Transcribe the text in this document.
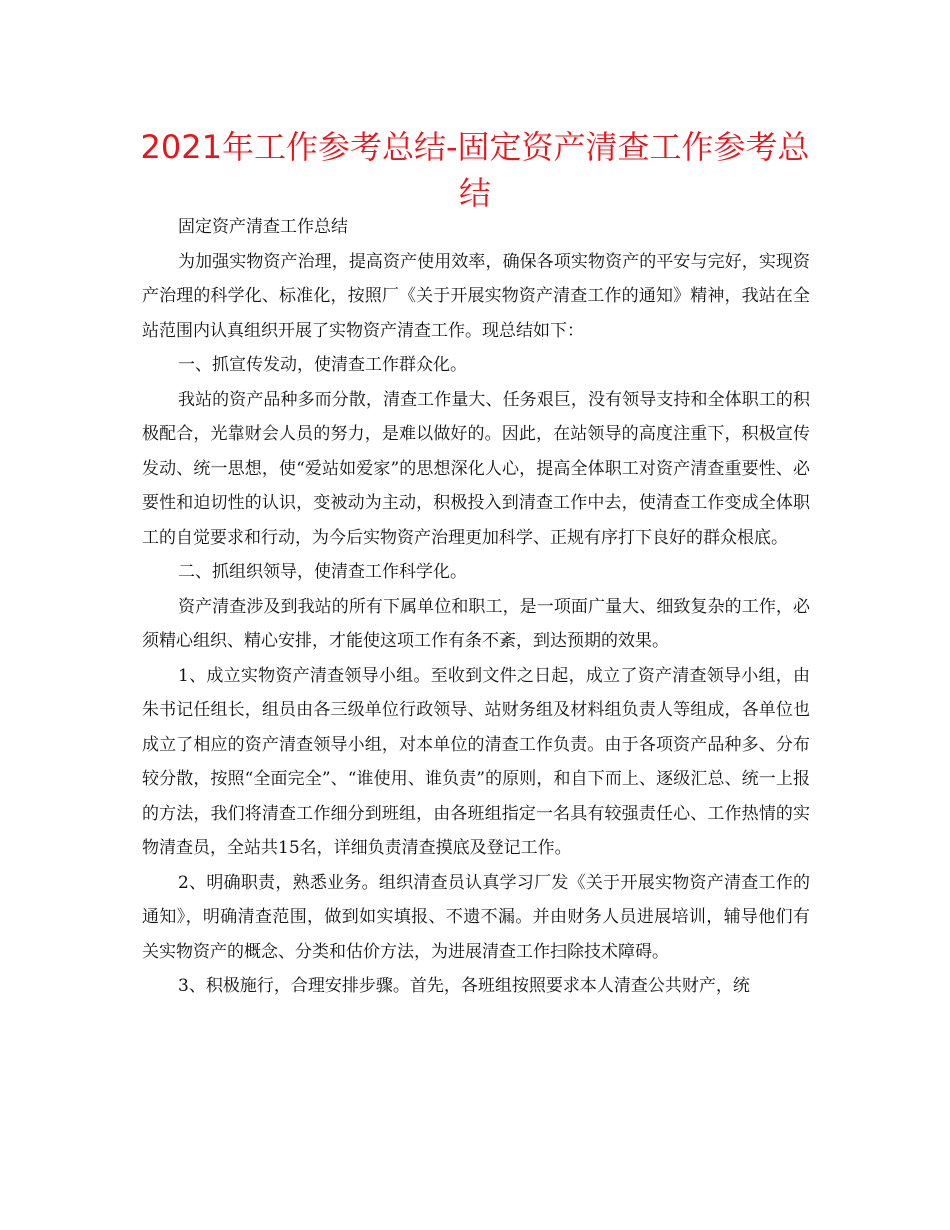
2021年工作参考总结-固定资产清查工作参考总结

固定资产清查工作总结

为加强实物资产治理，提高资产使用效率，确保各项实物资产的平安与完好，实现资产治理的科学化、标准化，按照厂《关于开展实物资产清查工作的通知》精神，我站在全站范围内认真组织开展了实物资产清查工作。现总结如下：

一、抓宣传发动，使清查工作群众化。

我站的资产品种多而分散，清查工作量大、任务艰巨，没有领导支持和全体职工的积极配合，光靠财会人员的努力，是难以做好的。因此，在站领导的高度注重下，积极宣传发动、统一思想，使“爱站如爱家”的思想深化人心，提高全体职工对资产清查重要性、必要性和迫切性的认识，变被动为主动，积极投入到清查工作中去，使清查工作变成全体职工的自觉要求和行动，为今后实物资产治理更加科学、正规有序打下良好的群众根底。

二、抓组织领导，使清查工作科学化。

资产清查涉及到我站的所有下属单位和职工，是一项面广量大、细致复杂的工作，必须精心组织、精心安排，才能使这项工作有条不紊，到达预期的效果。

1、成立实物资产清查领导小组。至收到文件之日起，成立了资产清查领导小组，由朱书记任组长，组员由各三级单位行政领导、站财务组及材料组负责人等组成，各单位也成立了相应的资产清查领导小组，对本单位的清查工作负责。由于各项资产品种多、分布较分散，按照“全面完全”、“谁使用、谁负责”的原则，和自下而上、逐级汇总、统一上报的方法，我们将清查工作细分到班组，由各班组指定一名具有较强责任心、工作热情的实物清查员，全站共15名，详细负责清查摸底及登记工作。

2、明确职责，熟悉业务。组织清查员认真学习厂发《关于开展实物资产清查工作的通知》，明确清查范围，做到如实填报、不遗不漏。并由财务人员进展培训，辅导他们有关实物资产的概念、分类和估价方法，为进展清查工作扫除技术障碍。

3、积极施行，合理安排步骤。首先，各班组按照要求本人清查公共财产，统
